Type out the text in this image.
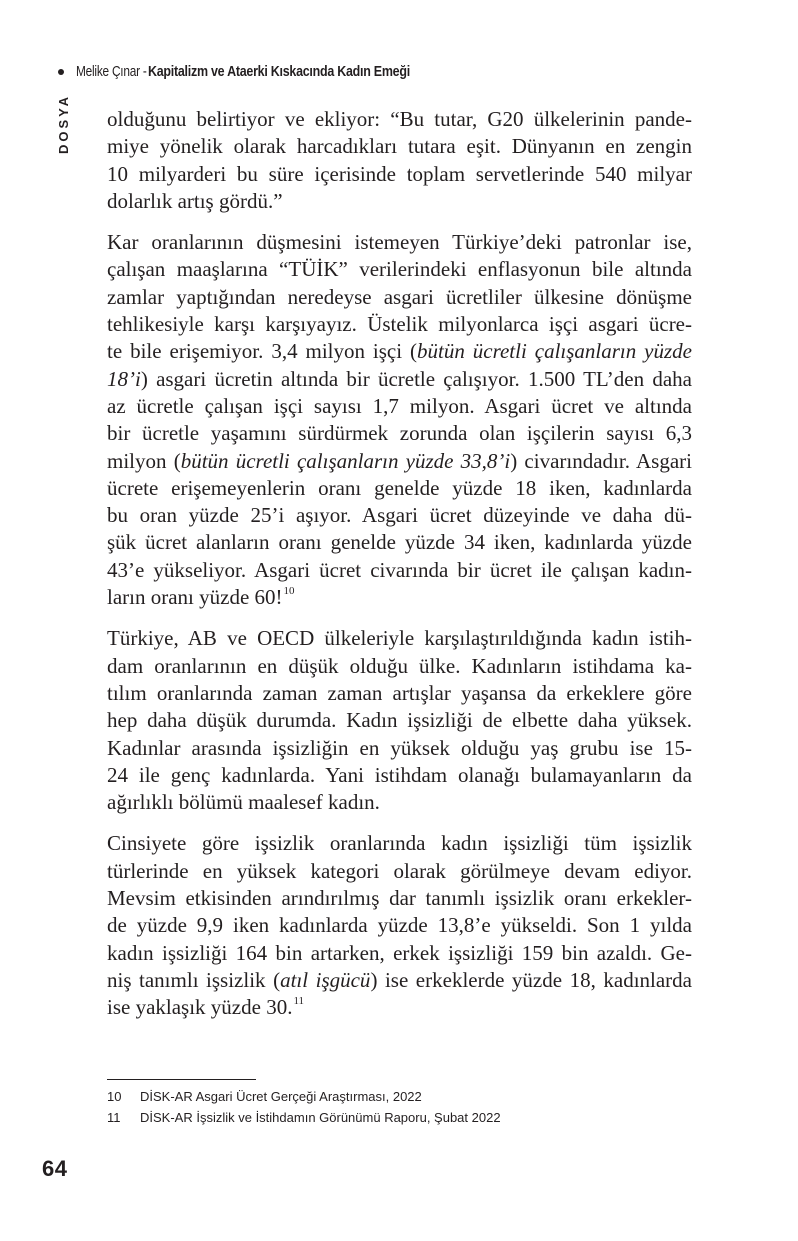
Melike Çınar - Kapitalizm ve Ataerki Kıskacında Kadın Emeği
DOSYA olduğunu belirtiyor ve ekliyor: “Bu tutar, G20 ülkelerinin pande-
miye yönelik olarak harcadıkları tutara eşit. Dünyanın en zengin
10 milyarderi bu süre içerisinde toplam servetlerinde 540 milyar
dolarlık artış gördü.”

Kar oranlarının düşmesini istemeyen Türkiye’deki patronlar ise,
çalışan maaşlarına “TÜİK” verilerindeki enflasyonun bile altında
zamlar yaptığından neredeyse asgari ücretliler ülkesine dönüşme
tehlikesiyle karşı karşıyayız. Üstelik milyonlarca işçi asgari ücre-
te bile erişemiyor. 3,4 milyon işçi (bütün ücretli çalışanların yüzde
18’i) asgari ücretin altında bir ücretle çalışıyor. 1.500 TL’den daha
az ücretle çalışan işçi sayısı 1,7 milyon. Asgari ücret ve altında
bir ücretle yaşamını sürdürmek zorunda olan işçilerin sayısı 6,3
milyon (bütün ücretli çalışanların yüzde 33,8’i) civarındadır. Asgari
ücrete erişemeyenlerin oranı genelde yüzde 18 iken, kadınlarda
bu oran yüzde 25’i aşıyor. Asgari ücret düzeyinde ve daha dü-
şük ücret alanların oranı genelde yüzde 34 iken, kadınlarda yüzde
43’e yükseliyor. Asgari ücret civarında bir ücret ile çalışan kadın-
ların oranı yüzde 60!$^{10}$

Türkiye, AB ve OECD ülkeleriyle karşılaştırıldığında kadın istih-
dam oranlarının en düşük olduğu ülke. Kadınların istihdama ka-
tılım oranlarında zaman zaman artışlar yaşansa da erkeklere göre
hep daha düşük durumda. Kadın işsizliği de elbette daha yüksek.
Kadınlar arasında işsizliğin en yüksek olduğu yaş grubu ise 15-
24 ile genç kadınlarda. Yani istihdam olanağı bulamayanların da
ağırlıklı bölümü maalesef kadın.

Cinsiyete göre işsizlik oranlarında kadın işsizliği tüm işsizlik
türlerinde en yüksek kategori olarak görülmeye devam ediyor.
Mevsim etkisinden arındırılmış dar tanımlı işsizlik oranı erkekler-
de yüzde 9,9 iken kadınlarda yüzde 13,8’e yükseldi. Son 1 yılda
kadın işsizliği 164 bin artarken, erkek işsizliği 159 bin azaldı. Ge-
niş tanımlı işsizlik (atıl işgücü) ise erkeklerde yüzde 18, kadınlarda
ise yaklaşık yüzde 30.11

10	DİSK-AR Asgari Ücret Gerçeği Araştırması, 2022
11	DİSK-AR İşsizlik ve İstihdamın Görünümü Raporu, Şubat 2022
64
